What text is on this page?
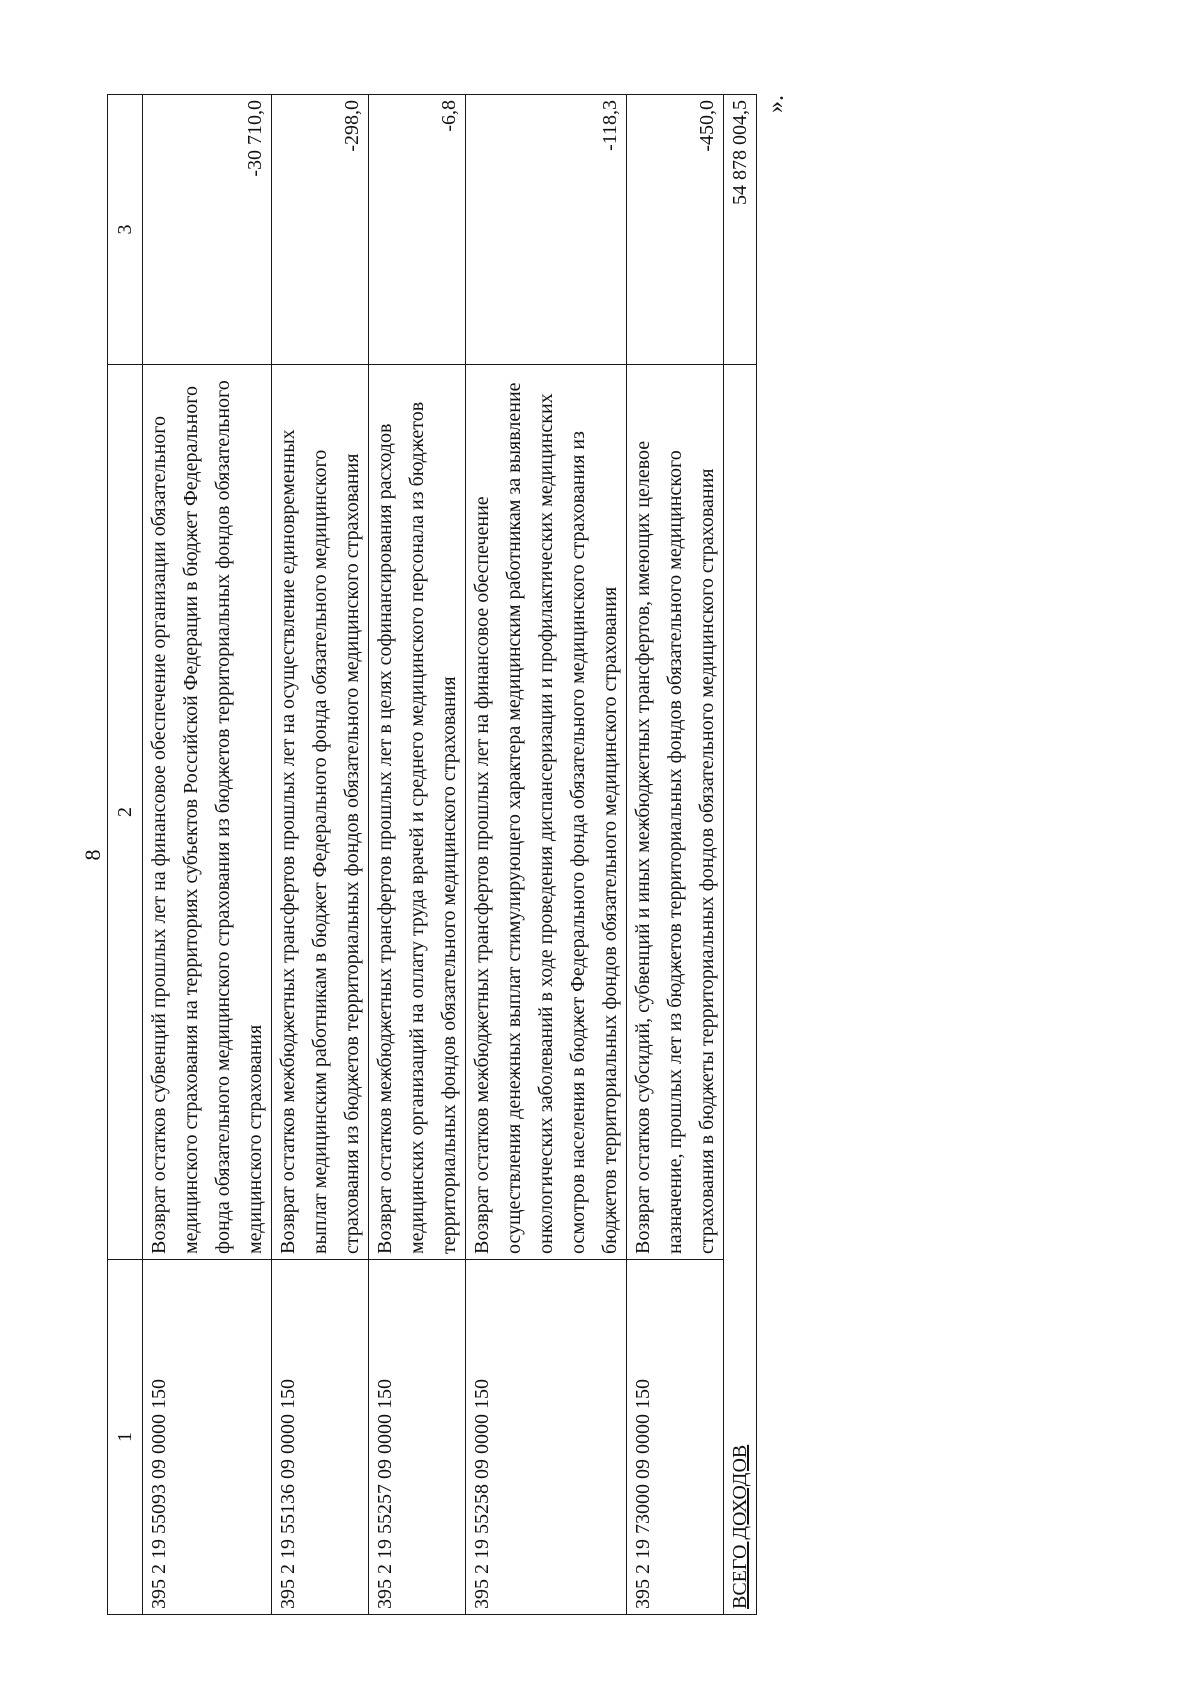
8
1	2	3
395 2 19 55093 09 0000 150	Возврат остатков субвенций прошлых лет на финансовое обеспечение организации обязательного медицинского страхования на территориях субъектов Российской Федерации в бюджет Федерального фонда обязательного медицинского страхования из бюджетов территориальных фондов обязательного медицинского страхования	-30 710,0
395 2 19 55136 09 0000 150	Возврат остатков межбюджетных трансфертов прошлых лет на осуществление единовременных выплат медицинским работникам в бюджет Федерального фонда обязательного медицинского страхования из бюджетов территориальных фондов обязательного медицинского страхования	-298,0
395 2 19 55257 09 0000 150	Возврат остатков межбюджетных трансфертов прошлых лет в целях софинансирования расходов медицинских организаций на оплату труда врачей и среднего медицинского персонала из бюджетов территориальных фондов обязательного медицинского страхования	-6,8
395 2 19 55258 09 0000 150	Возврат остатков межбюджетных трансфертов прошлых лет на финансовое обеспечение осуществления денежных выплат стимулирующего характера медицинским работникам за выявление онкологических заболеваний в ходе проведения диспансеризации и профилактических медицинских осмотров населения в бюджет Федерального фонда обязательного медицинского страхования из бюджетов территориальных фондов обязательного медицинского страхования	-118,3
395 2 19 73000 09 0000 150	Возврат остатков субсидий, субвенций и иных межбюджетных трансфертов, имеющих целевое назначение, прошлых лет из бюджетов территориальных фондов обязательного медицинского страхования в бюджеты территориальных фондов обязательного медицинского страхования	-450,0
ВСЕГО ДОХОДОВ		54 878 004,5 ».
